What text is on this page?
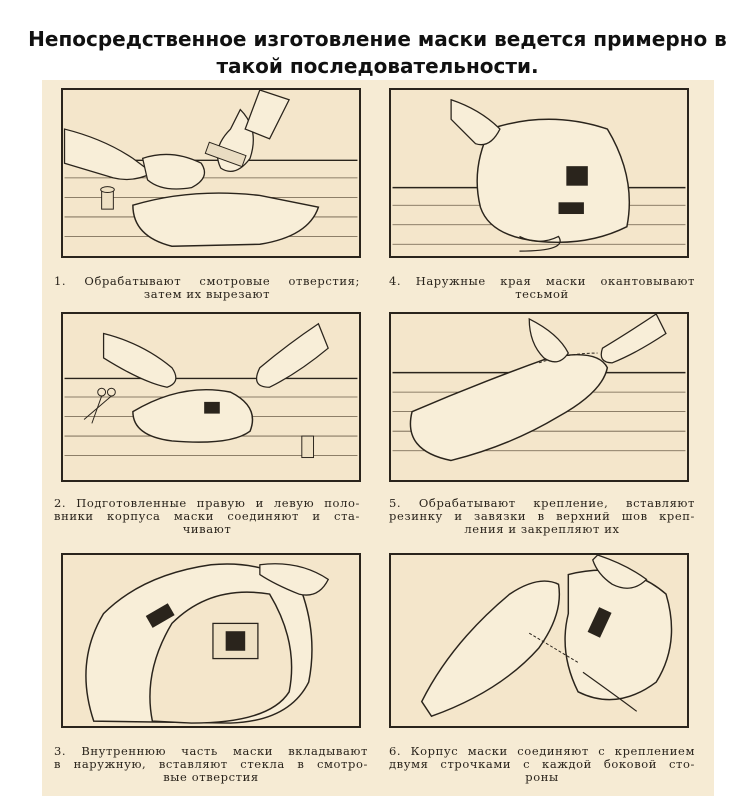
Непосредственное изготовление маски ведется примерно в
такой последовательности.
1. Обрабатывают смотровые отверстия;
затем их вырезают
4. Наружные края маски окантовывают
тесьмой
2. Подготовленные правую и левую поло-
вники корпуса маски соединяют и ста-
чивают
5. Обрабатывают крепление, вставляют
резинку и завязки в верхний шов креп-
ления и закрепляют их
3. Внутреннюю часть маски вкладывают
в наружную, вставляют стекла в смотро-
вые отверстия
6. Корпус маски соединяют с креплением
двумя строчками с каждой боковой сто-
роны
